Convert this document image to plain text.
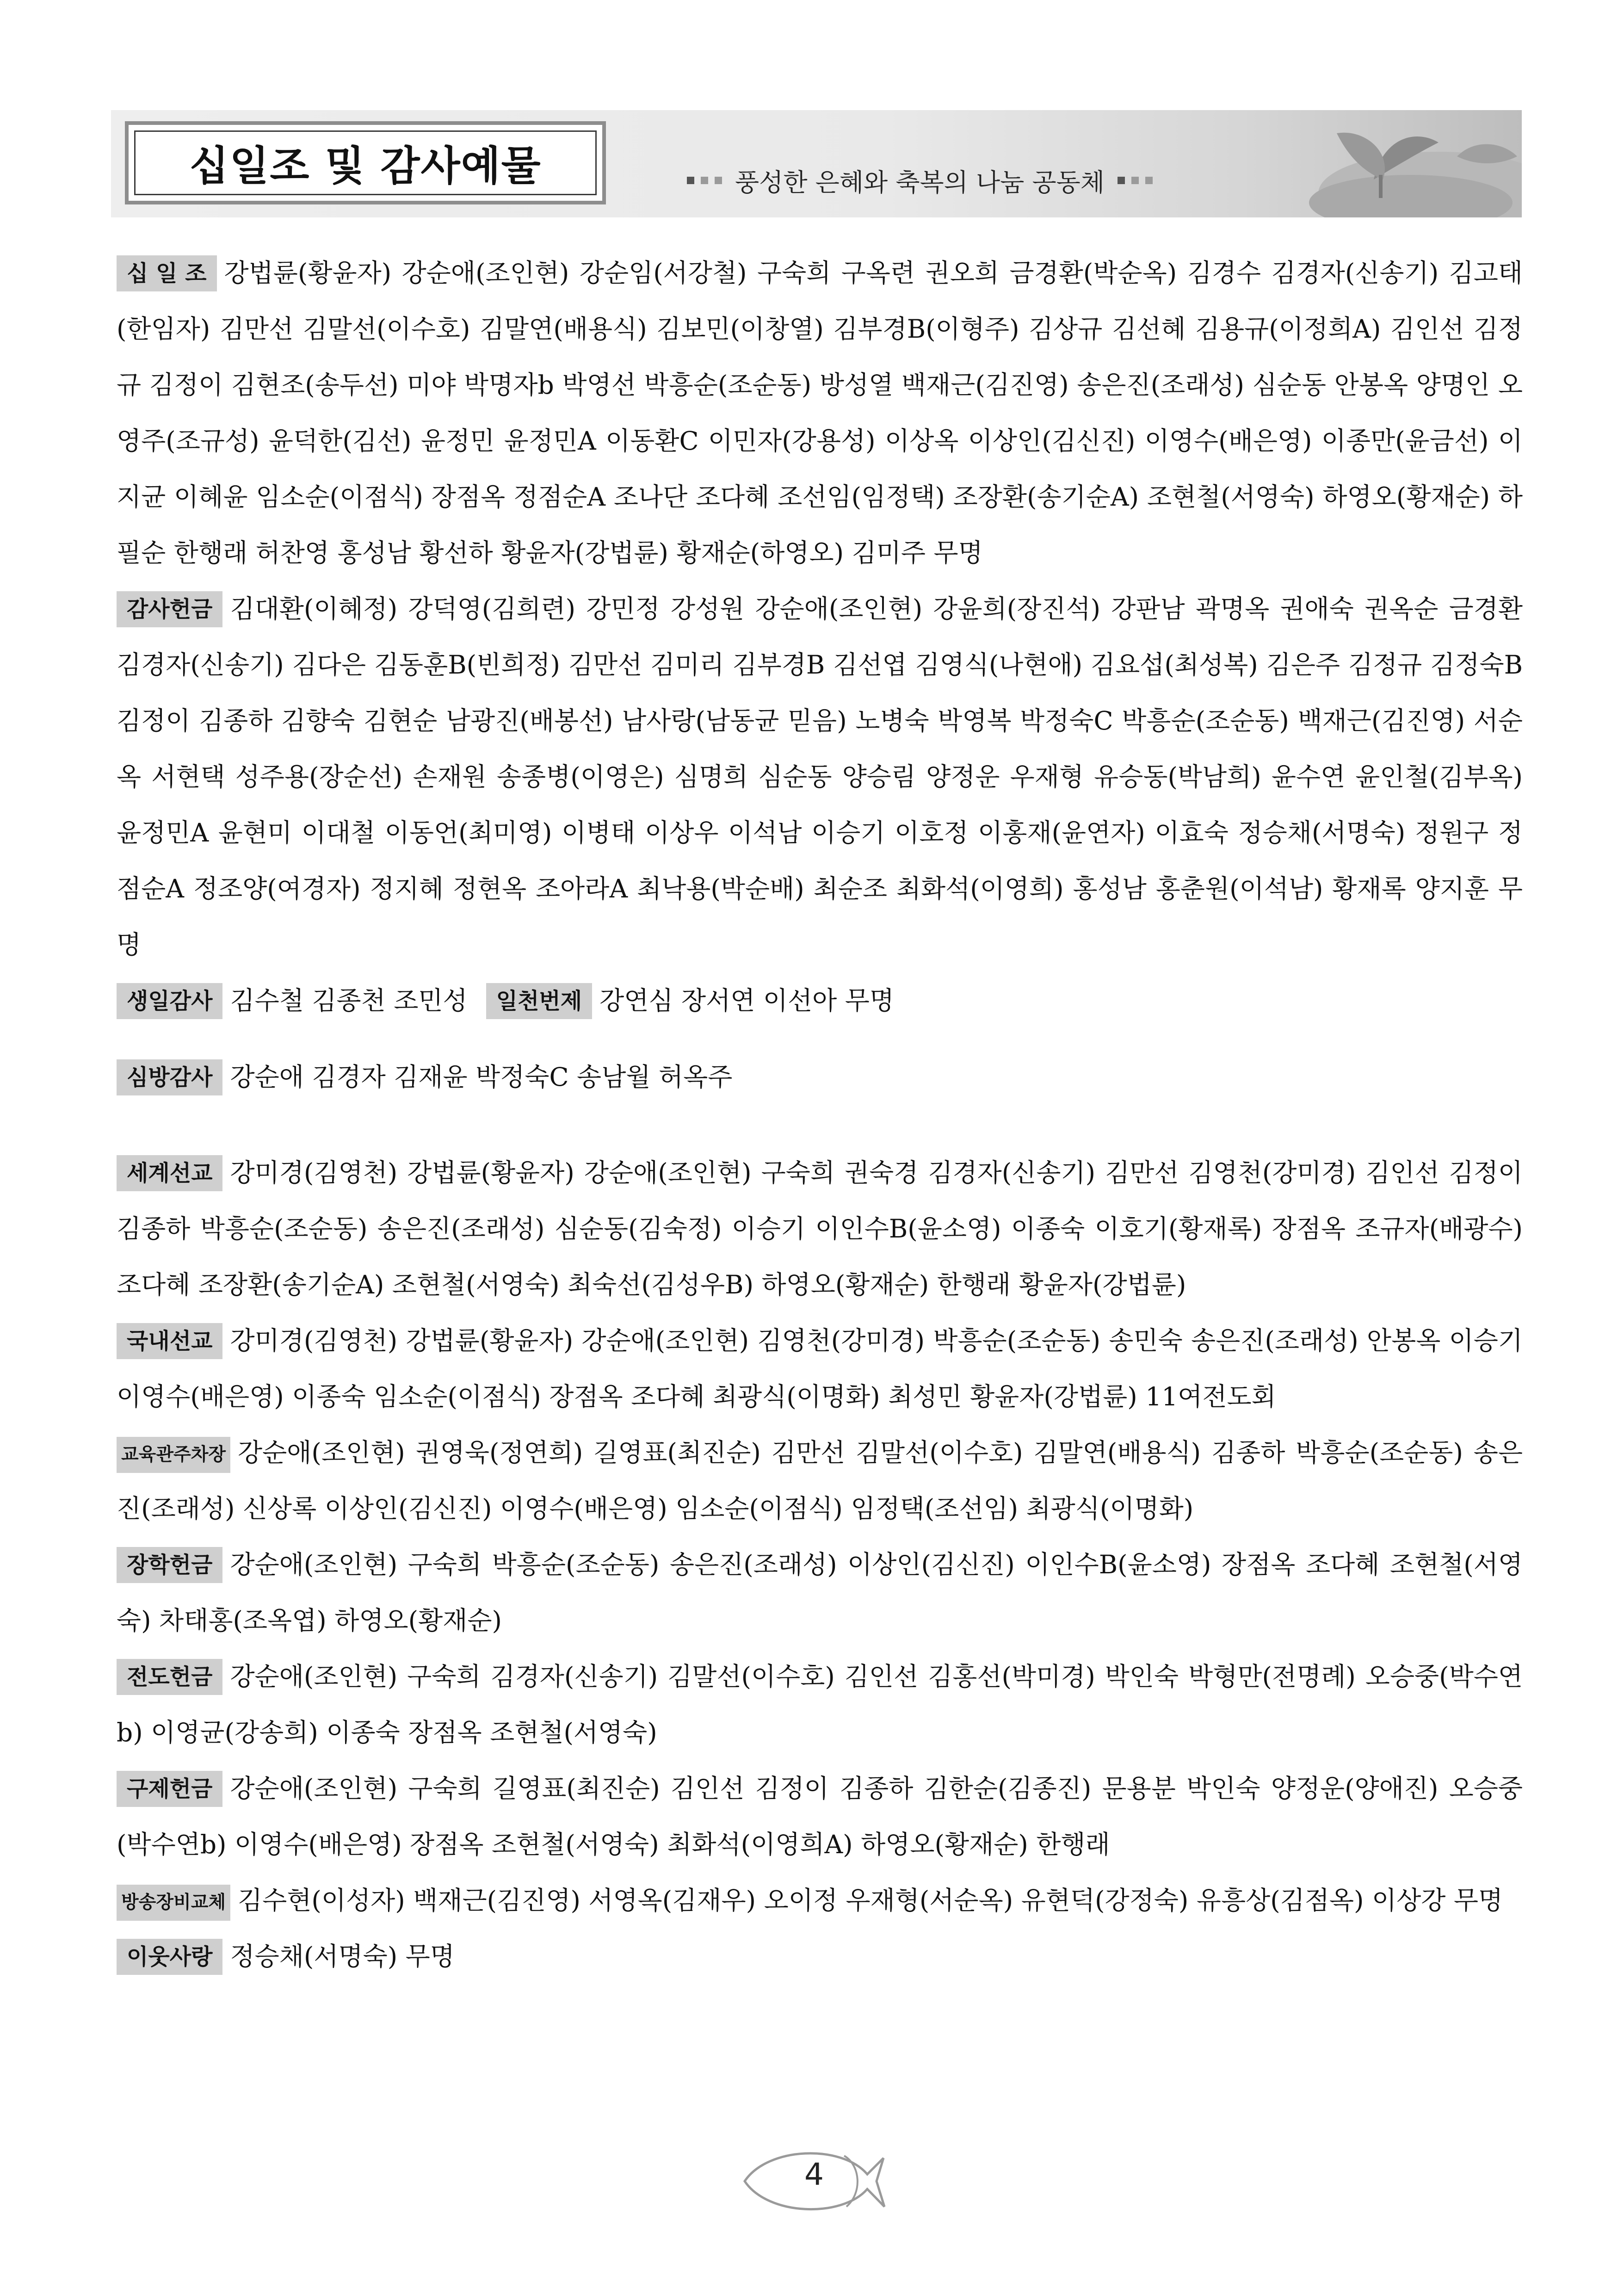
십일조 및 감사예물	풍성한 은혜와 축복의 나눔 공동체

십 일 조 강법륜(황윤자) 강순애(조인현) 강순임(서강철) 구숙희 구옥련 권오희 금경환(박순옥) 김경수 김경자(신송기) 김고태(한임자) 김만선 김말선(이수호) 김말연(배용식) 김보민(이창열) 김부경B(이형주) 김상규 김선혜 김용규(이정희A) 김인선 김정규 김정이 김현조(송두선) 미야 박명자b 박영선 박흥순(조순동) 방성열 백재근(김진영) 송은진(조래성) 심순동 안봉옥 양명인 오영주(조규성) 윤덕한(김선) 윤정민 윤정민A 이동환C 이민자(강용성) 이상옥 이상인(김신진) 이영수(배은영) 이종만(윤금선) 이지균 이혜윤 임소순(이점식) 장점옥 정점순A 조나단 조다혜 조선임(임정택) 조장환(송기순A) 조현철(서영숙) 하영오(황재순) 하필순 한행래 허찬영 홍성남 황선하 황윤자(강법륜) 황재순(하영오) 김미주 무명

감사헌금 김대환(이혜정) 강덕영(김희련) 강민정 강성원 강순애(조인현) 강윤희(장진석) 강판남 곽명옥 권애숙 권옥순 금경환 김경자(신송기) 김다은 김동훈B(빈희정) 김만선 김미리 김부경B 김선엽 김영식(나현애) 김요섭(최성복) 김은주 김정규 김정숙B 김정이 김종하 김향숙 김현순 남광진(배봉선) 남사랑(남동균 믿음) 노병숙 박영복 박정숙C 박흥순(조순동) 백재근(김진영) 서순옥 서현택 성주용(장순선) 손재원 송종병(이영은) 심명희 심순동 양승림 양정운 우재형 유승동(박남희) 윤수연 윤인철(김부옥) 윤정민A 윤현미 이대철 이동언(최미영) 이병태 이상우 이석남 이승기 이호정 이홍재(윤연자) 이효숙 정승채(서명숙) 정원구 정점순A 정조양(여경자) 정지혜 정현옥 조아라A 최낙용(박순배) 최순조 최화석(이영희) 홍성남 홍춘원(이석남) 황재록 양지훈 무명

생일감사 김수철 김종천 조민성 일천번제 강연심 장서연 이선아 무명

심방감사 강순애 김경자 김재윤 박정숙C 송남월 허옥주

세계선교 강미경(김영천) 강법륜(황윤자) 강순애(조인현) 구숙희 권숙경 김경자(신송기) 김만선 김영천(강미경) 김인선 김정이 김종하 박흥순(조순동) 송은진(조래성) 심순동(김숙정) 이승기 이인수B(윤소영) 이종숙 이호기(황재록) 장점옥 조규자(배광수) 조다혜 조장환(송기순A) 조현철(서영숙) 최숙선(김성우B) 하영오(황재순) 한행래 황윤자(강법륜)

국내선교 강미경(김영천) 강법륜(황윤자) 강순애(조인현) 김영천(강미경) 박흥순(조순동) 송민숙 송은진(조래성) 안봉옥 이승기 이영수(배은영) 이종숙 임소순(이점식) 장점옥 조다혜 최광식(이명화) 최성민 황윤자(강법륜) 11여전도회

교육관주차장 강순애(조인현) 권영욱(정연희) 길영표(최진순) 김만선 김말선(이수호) 김말연(배용식) 김종하 박흥순(조순동) 송은진(조래성) 신상록 이상인(김신진) 이영수(배은영) 임소순(이점식) 임정택(조선임) 최광식(이명화)

장학헌금 강순애(조인현) 구숙희 박흥순(조순동) 송은진(조래성) 이상인(김신진) 이인수B(윤소영) 장점옥 조다혜 조현철(서영숙) 차태홍(조옥엽) 하영오(황재순)

전도헌금 강순애(조인현) 구숙희 김경자(신송기) 김말선(이수호) 김인선 김홍선(박미경) 박인숙 박형만(전명례) 오승중(박수연b) 이영균(강송희) 이종숙 장점옥 조현철(서영숙)

구제헌금 강순애(조인현) 구숙희 길영표(최진순) 김인선 김정이 김종하 김한순(김종진) 문용분 박인숙 양정운(양애진) 오승중(박수연b) 이영수(배은영) 장점옥 조현철(서영숙) 최화석(이영희A) 하영오(황재순) 한행래

방송장비교체 김수현(이성자) 백재근(김진영) 서영옥(김재우) 오이정 우재형(서순옥) 유현덕(강정숙) 유흥상(김점옥) 이상강 무명

이웃사랑 정승채(서명숙) 무명

4
